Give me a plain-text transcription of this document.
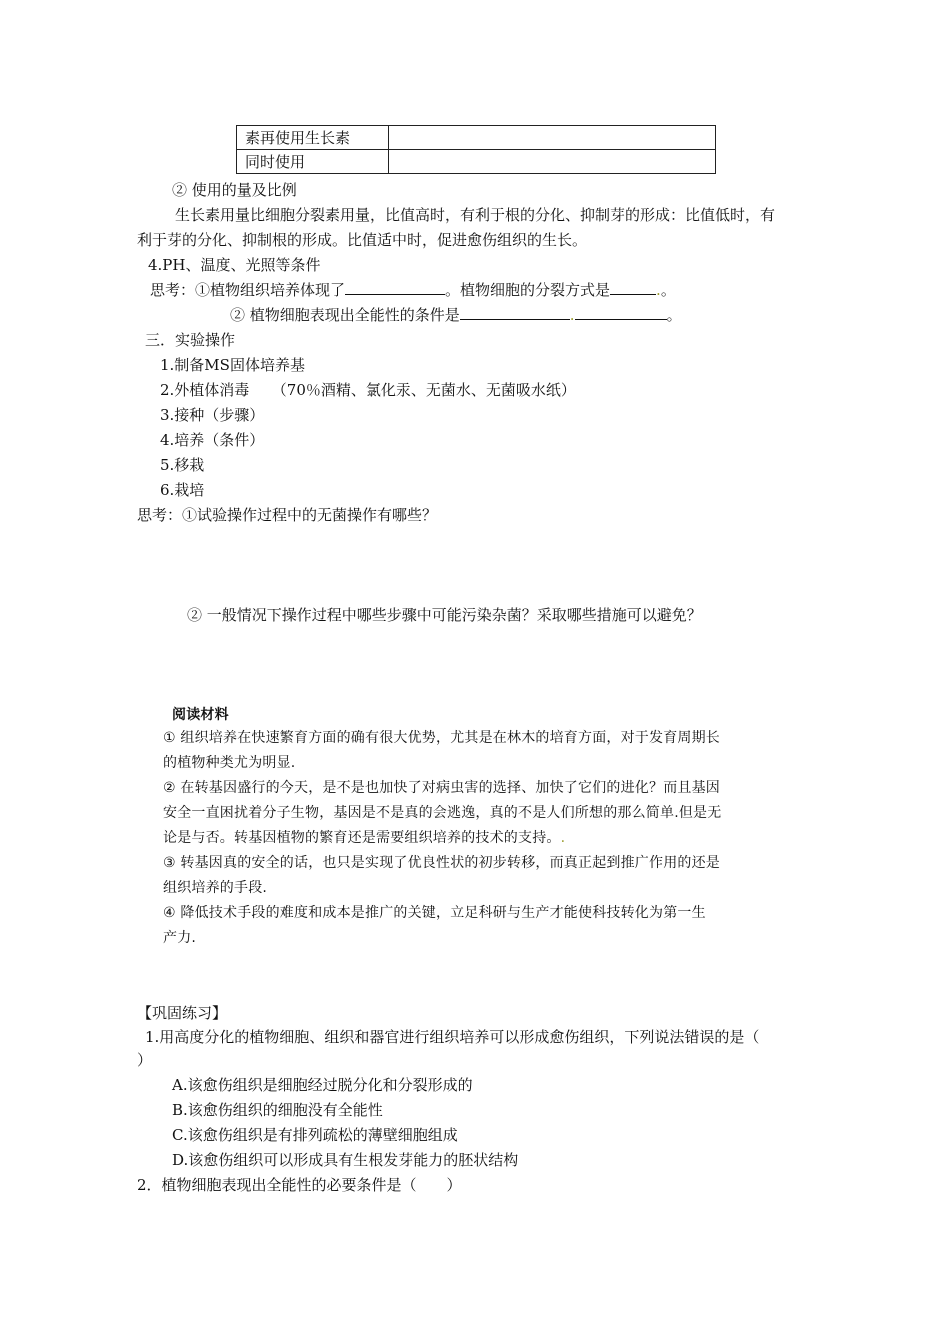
素再使用生长素	
同时使用	
② 使用的量及比例
生长素用量比细胞分裂素用量，比值高时，有利于根的分化、抑制芽的形成：比值低时，有
利于芽的分化、抑制根的形成。比值适中时，促进愈伤组织的生长。
4.PH、温度、光照等条件
思考：①植物组织培养体现了	。植物细胞的分裂方式是	.。
② 植物细胞表现出全能性的条件是	.	。
三．实验操作
1.制备MS固体培养基
2.外植体消毒　　（70％酒精、氯化汞、无菌水、无菌吸水纸）
3.接种（步骤）
4.培养（条件）
5.移栽
6.栽培
思考：①试验操作过程中的无菌操作有哪些？
② 一般情况下操作过程中哪些步骤中可能污染杂菌？采取哪些措施可以避免？
阅读材料
① 组织培养在快速繁育方面的确有很大优势，尤其是在林木的培育方面，对于发育周期长
的植物种类尤为明显.
② 在转基因盛行的今天，是不是也加快了对病虫害的选择、加快了它们的进化？而且基因
安全一直困扰着分子生物，基因是不是真的会逃逸，真的不是人们所想的那么简单.但是无
论是与否。转基因植物的繁育还是需要组织培养的技术的支持。.
③ 转基因真的安全的话，也只是实现了优良性状的初步转移，而真正起到推广作用的还是
组织培养的手段.
④ 降低技术手段的难度和成本是推广的关键，立足科研与生产才能使科技转化为第一生
产力.
【巩固练习】
1.用高度分化的植物细胞、组织和器官进行组织培养可以形成愈伤组织，下列说法错误的是（
）
A.该愈伤组织是细胞经过脱分化和分裂形成的
B.该愈伤组织的细胞没有全能性
C.该愈伤组织是有排列疏松的薄壁细胞组成
D.该愈伤组织可以形成具有生根发芽能力的胚状结构
2．植物细胞表现出全能性的必要条件是（　　）
